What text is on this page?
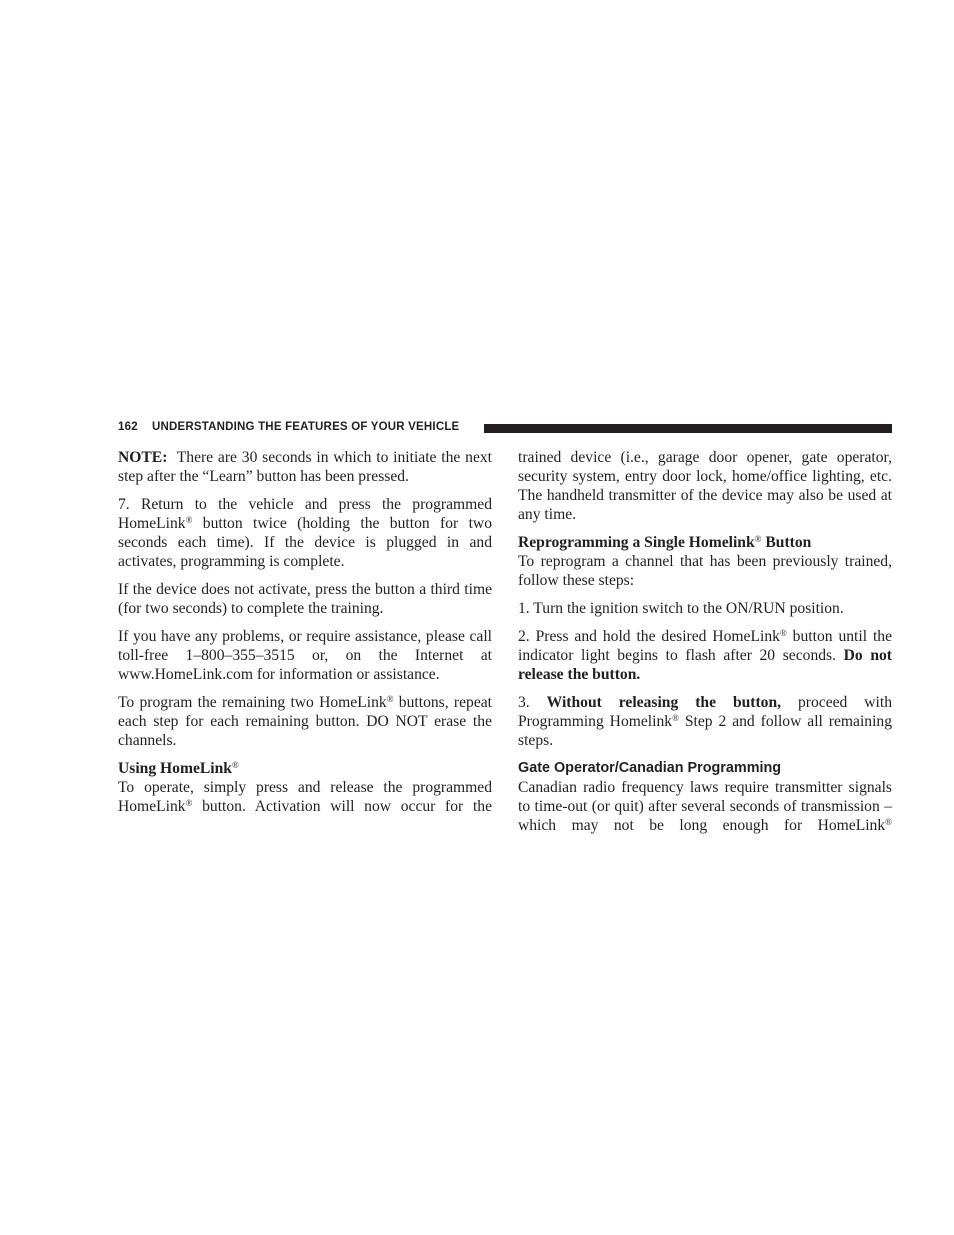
162 UNDERSTANDING THE FEATURES OF YOUR VEHICLE

NOTE: There are 30 seconds in which to initiate the next step after the “Learn” button has been pressed.

7. Return to the vehicle and press the programmed HomeLink® button twice (holding the button for two seconds each time). If the device is plugged in and activates, programming is complete.

If the device does not activate, press the button a third time (for two seconds) to complete the training.

If you have any problems, or require assistance, please call toll-free 1–800–355–3515 or, on the Internet at www.HomeLink.com for information or assistance.

To program the remaining two HomeLink® buttons, repeat each step for each remaining button. DO NOT erase the channels.

Using HomeLink®

To operate, simply press and release the programmed HomeLink® button. Activation will now occur for the

trained device (i.e., garage door opener, gate operator, security system, entry door lock, home/office lighting, etc. The handheld transmitter of the device may also be used at any time.

Reprogramming a Single Homelink® Button

To reprogram a channel that has been previously trained, follow these steps:

1. Turn the ignition switch to the ON/RUN position.

2. Press and hold the desired HomeLink® button until the indicator light begins to flash after 20 seconds. Do not release the button.

3. Without releasing the button, proceed with Programming Homelink® Step 2 and follow all remaining steps.

Gate Operator/Canadian Programming

Canadian radio frequency laws require transmitter signals to time-out (or quit) after several seconds of transmission – which may not be long enough for HomeLink®
